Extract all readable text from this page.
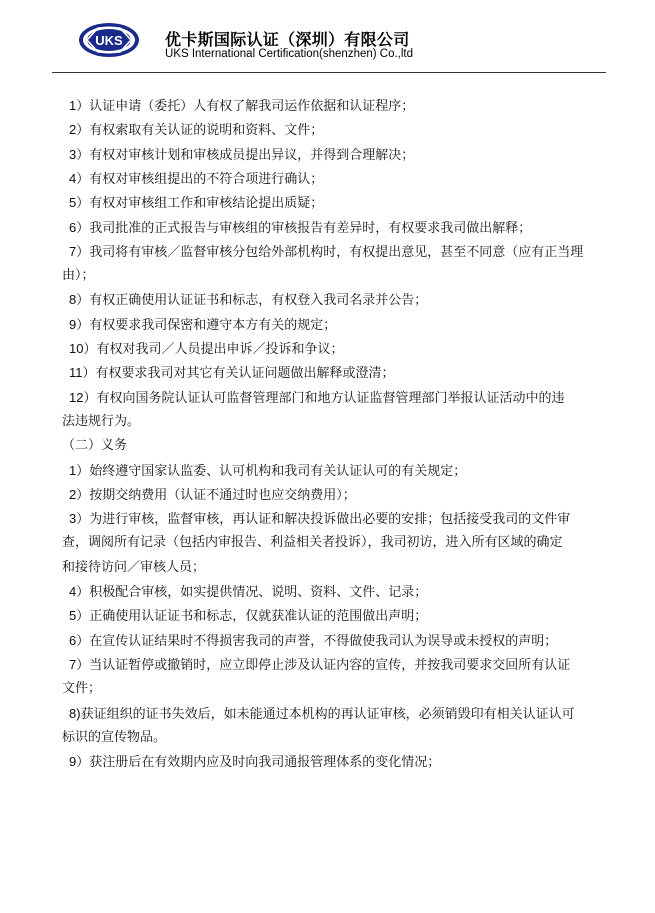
UKS	优卡斯国际认证（深圳）有限公司
UKS International Certification(shenzhen) Co.,ltd
1）认证申请（委托）人有权了解我司运作依据和认证程序；
2）有权索取有关认证的说明和资料、文件；
3）有权对审核计划和审核成员提出异议，并得到合理解决；
4）有权对审核组提出的不符合项进行确认；
5）有权对审核组工作和审核结论提出质疑；
6）我司批准的正式报告与审核组的审核报告有差异时，有权要求我司做出解释；
7）我司将有审核／监督审核分包给外部机构时，有权提出意见，甚至不同意（应有正当理
由）；
8）有权正确使用认证证书和标志，有权登入我司名录并公告；
9）有权要求我司保密和遵守本方有关的规定；
10）有权对我司／人员提出申诉／投诉和争议；
11）有权要求我司对其它有关认证问题做出解释或澄清；
12）有权向国务院认证认可监督管理部门和地方认证监督管理部门举报认证活动中的违
法违规行为。
（二）义务
1）始终遵守国家认监委、认可机构和我司有关认证认可的有关规定；
2）按期交纳费用（认证不通过时也应交纳费用）；
3）为进行审核，监督审核，再认证和解决投诉做出必要的安排；包括接受我司的文件审
查，调阅所有记录（包括内审报告、利益相关者投诉），我司初访，进入所有区域的确定
和接待访问／审核人员；
4）积极配合审核，如实提供情况、说明、资料、文件、记录；
5）正确使用认证证书和标志，仅就获准认证的范围做出声明；
6）在宣传认证结果时不得损害我司的声誉，不得做使我司认为误导或未授权的声明；
7）当认证暂停或撤销时，应立即停止涉及认证内容的宣传，并按我司要求交回所有认证
文件；
8)获证组织的证书失效后，如未能通过本机构的再认证审核，必须销毁印有相关认证认可
标识的宣传物品。
9）获注册后在有效期内应及时向我司通报管理体系的变化情况；
